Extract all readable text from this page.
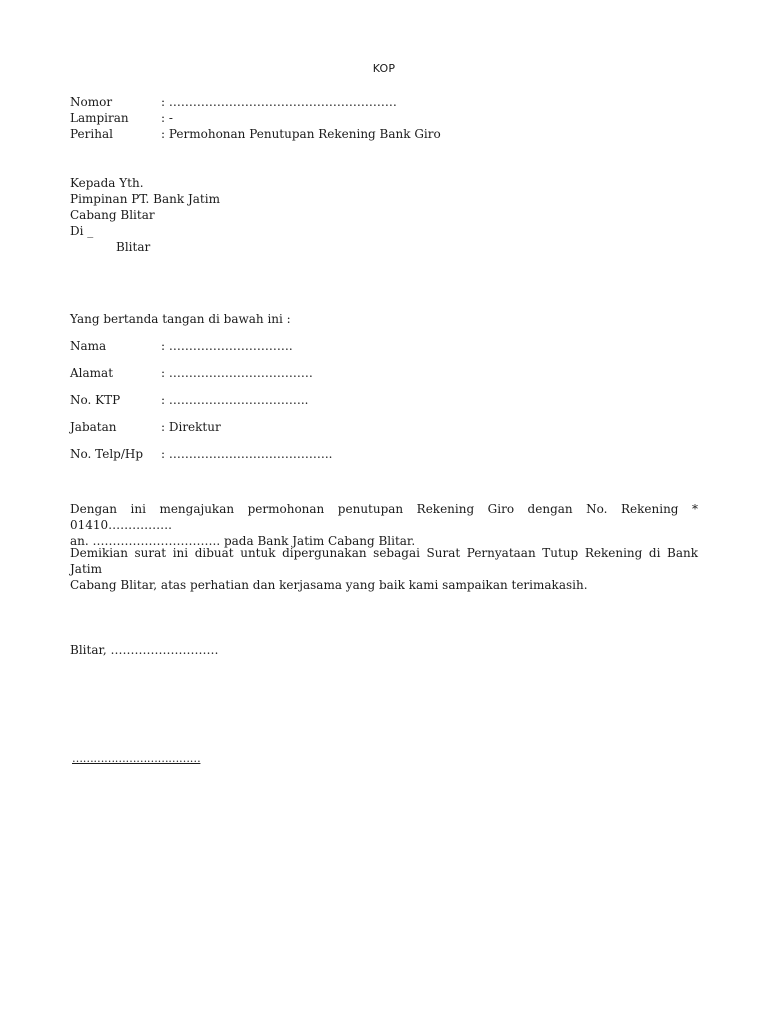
KOP
Nomor	: …………………………………………………
Lampiran	: -
Perihal	: Permohonan Penutupan Rekening Bank Giro
Kepada Yth.
Pimpinan PT. Bank Jatim
Cabang Blitar
Di _
Blitar
Yang bertanda tangan di bawah ini :
Nama	: ………………………….
Alamat	: ………………………………
No. KTP	: ……………………………..
Jabatan	: Direktur
No. Telp/Hp : …………………………………..
Dengan ini mengajukan permohonan penutupan Rekening Giro dengan No. Rekening * 01410…………….
an. ………………………….. pada Bank Jatim Cabang Blitar.
Demikian surat ini dibuat untuk dipergunakan sebagai Surat Pernyataan Tutup Rekening di Bank Jatim
Cabang Blitar, atas perhatian dan kerjasama yang baik kami sampaikan terimakasih.
Blitar, ………………………
………………………………
